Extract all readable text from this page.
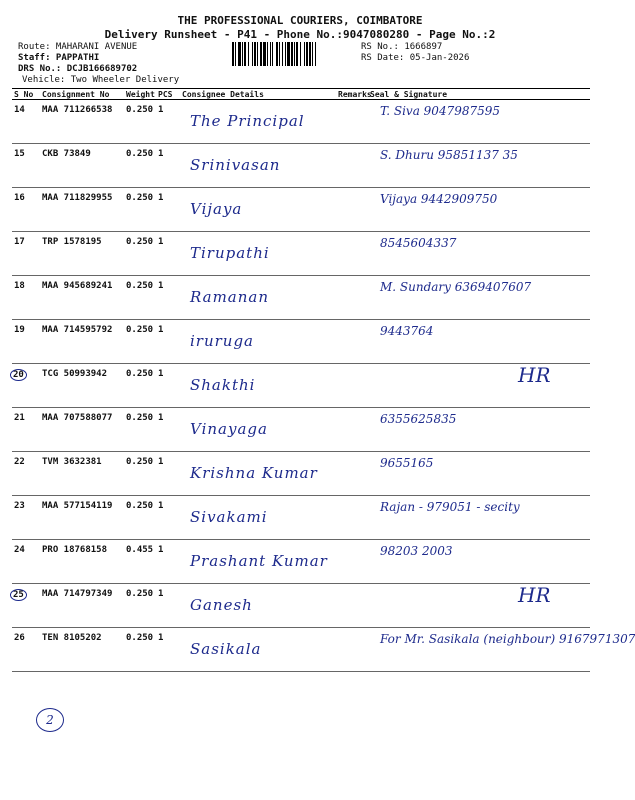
THE PROFESSIONAL COURIERS, COIMBATORE
Delivery Runsheet - P41 - Phone No.:9047080280 - Page No.:2
Route: MAHARANI AVENUE
Staff: PAPPATHI
DRS No.: DCJB166689702
Vehicle: Two Wheeler Delivery
RS No.: 1666897
RS Date: 05-Jan-2026
S No	Consignment No	Weight	PCS	Consignee Details	Remarks	Seal & Signature
14	MAA 711266538	0.250	1	The Principal		T. Siva 9047987595

15	CKB 73849	0.250	1	Srinivasan		S. Dhuru 95851137 35

16	MAA 711829955	0.250	1	Vijaya		Vijaya 9442909750

17	TRP 1578195	0.250	1	Tirupathi		8545604337

18	MAA 945689241	0.250	1	Ramanan		M. Sundary 6369407607

19	MAA 714595792	0.250	1	iruruga		9443764

20	TCG 50993942	0.250	1	Shakthi		HR

21	MAA 707588077	0.250	1	Vinayaga		6355625835

22	TVM 3632381	0.250	1	Krishna Kumar		9655165

23	MAA 577154119	0.250	1	Sivakami		Rajan - 979051 - secity

24	PRO 18768158	0.455	1	Prashant Kumar		98203 2003

25	MAA 714797349	0.250	1	Ganesh		HR

26	TEN 8105202	0.250	1	Sasikala		For Mr. Sasikala (neighbour) 9167971307
2
